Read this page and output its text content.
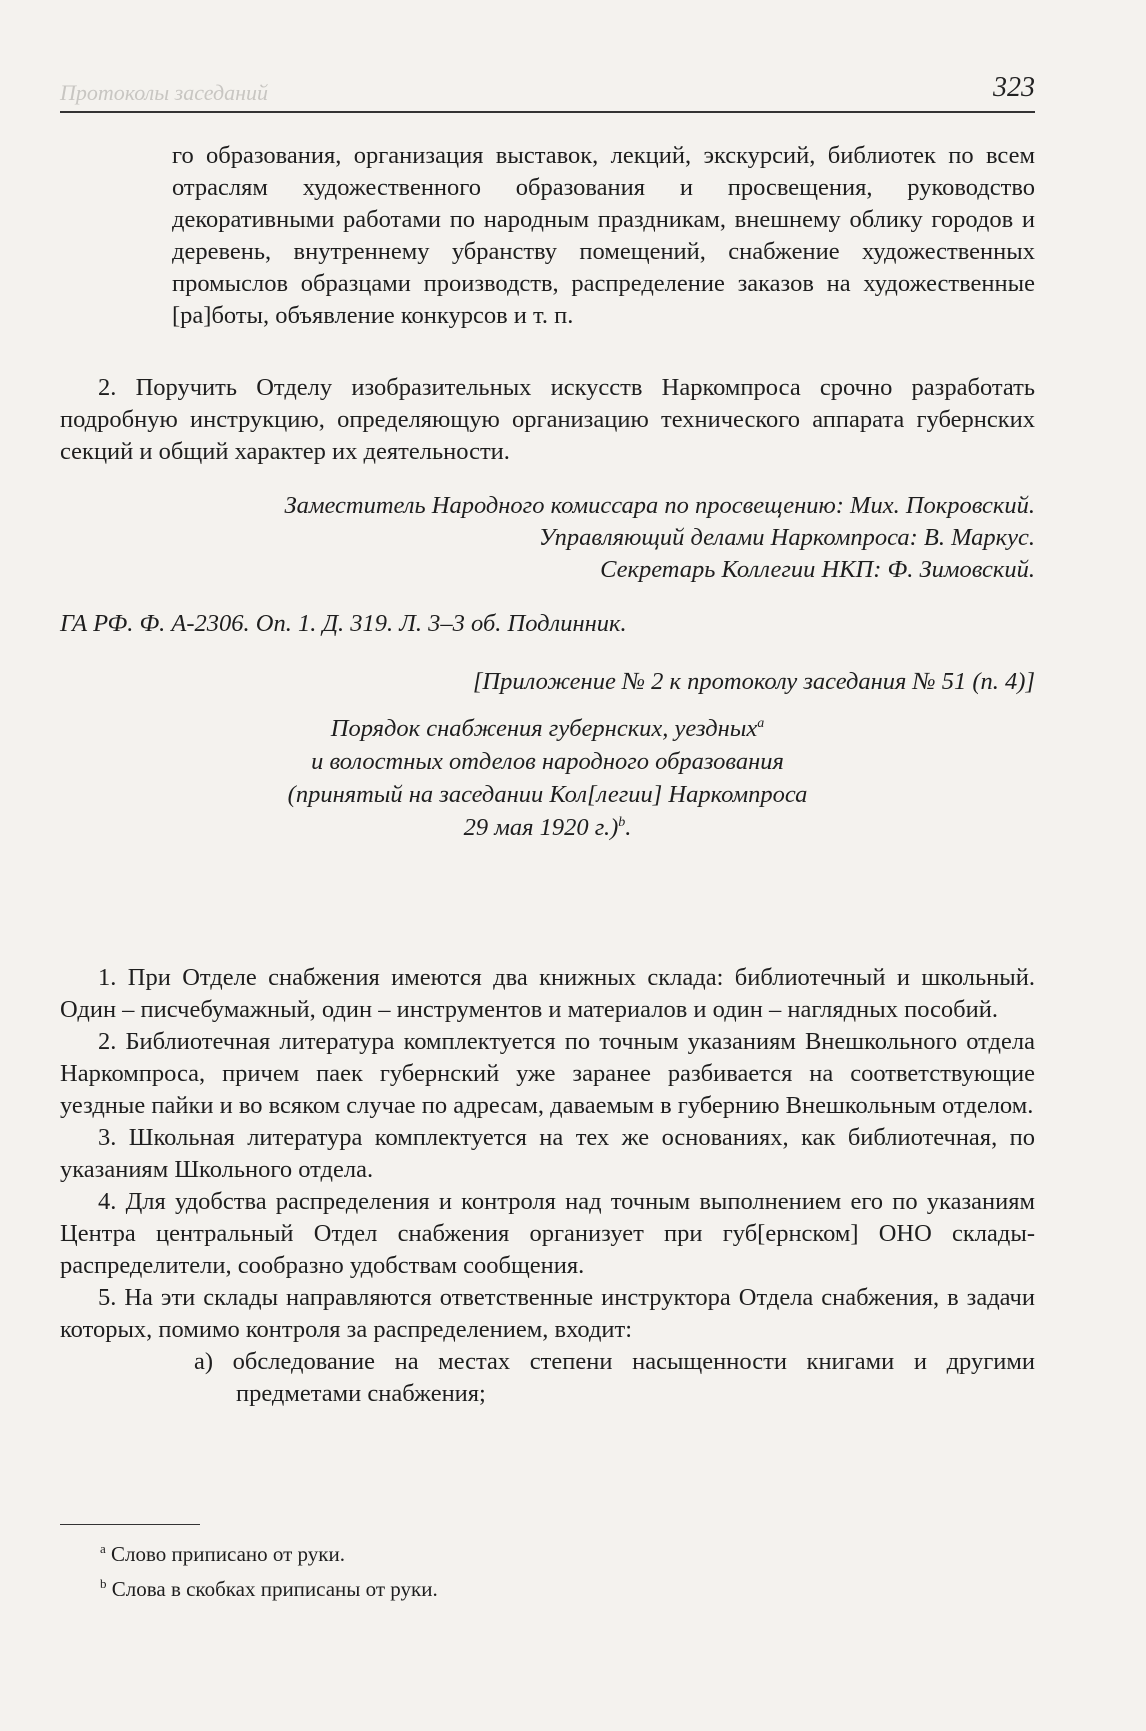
Протоколы заседаний	323

го образования, организация выставок, лекций, экскурсий, библиотек по всем отраслям художественного образования и просвещения, руководство декоративными работами по народным праздникам, внешнему облику городов и деревень, внутреннему убранству помещений, снабжение художественных промыслов образцами производств, распределение заказов на художественные [ра]боты, объявление конкурсов и т. п.

2. Поручить Отделу изобразительных искусств Наркомпроса срочно разработать подробную инструкцию, определяющую организацию технического аппарата губернских секций и общий характер их деятельности.

Заместитель Народного комиссара по просвещению: Мих. Покровский.

Управляющий делами Наркомпроса: В. Маркус.

Секретарь Коллегии НКП: Ф. Зимовский.

ГА РФ. Ф. А-2306. Оп. 1. Д. 319. Л. 3–3 об. Подлинник.

[Приложение № 2 к протоколу заседания № 51 (п. 4)]

Порядок снабжения губернских, уездных$^a$

и волостных отделов народного образования

(принятый на заседании Кол[легии] Наркомпроса

29 мая 1920 г.)$^b$.

1. При Отделе снабжения имеются два книжных склада: библиотечный и школьный. Один – писчебумажный, один – инструментов и материалов и один – наглядных пособий.

2. Библиотечная литература комплектуется по точным указаниям Внешкольного отдела Наркомпроса, причем паек губернский уже заранее разбивается на соответствующие уездные пайки и во всяком случае по адресам, даваемым в губернию Внешкольным отделом.

3. Школьная литература комплектуется на тех же основаниях, как библиотечная, по указаниям Школьного отдела.

4. Для удобства распределения и контроля над точным выполнением его по указаниям Центра центральный Отдел снабжения организует при губ[ернском] ОНО склады-распределители, сообразно удобствам сообщения.

5. На эти склады направляются ответственные инструктора Отдела снабжения, в задачи которых, помимо контроля за распределением, входит:

а) обследование на местах степени насыщенности книгами и другими предметами снабжения;

$^a$ Слово приписано от руки.
$^b$ Слова в скобках приписаны от руки.
